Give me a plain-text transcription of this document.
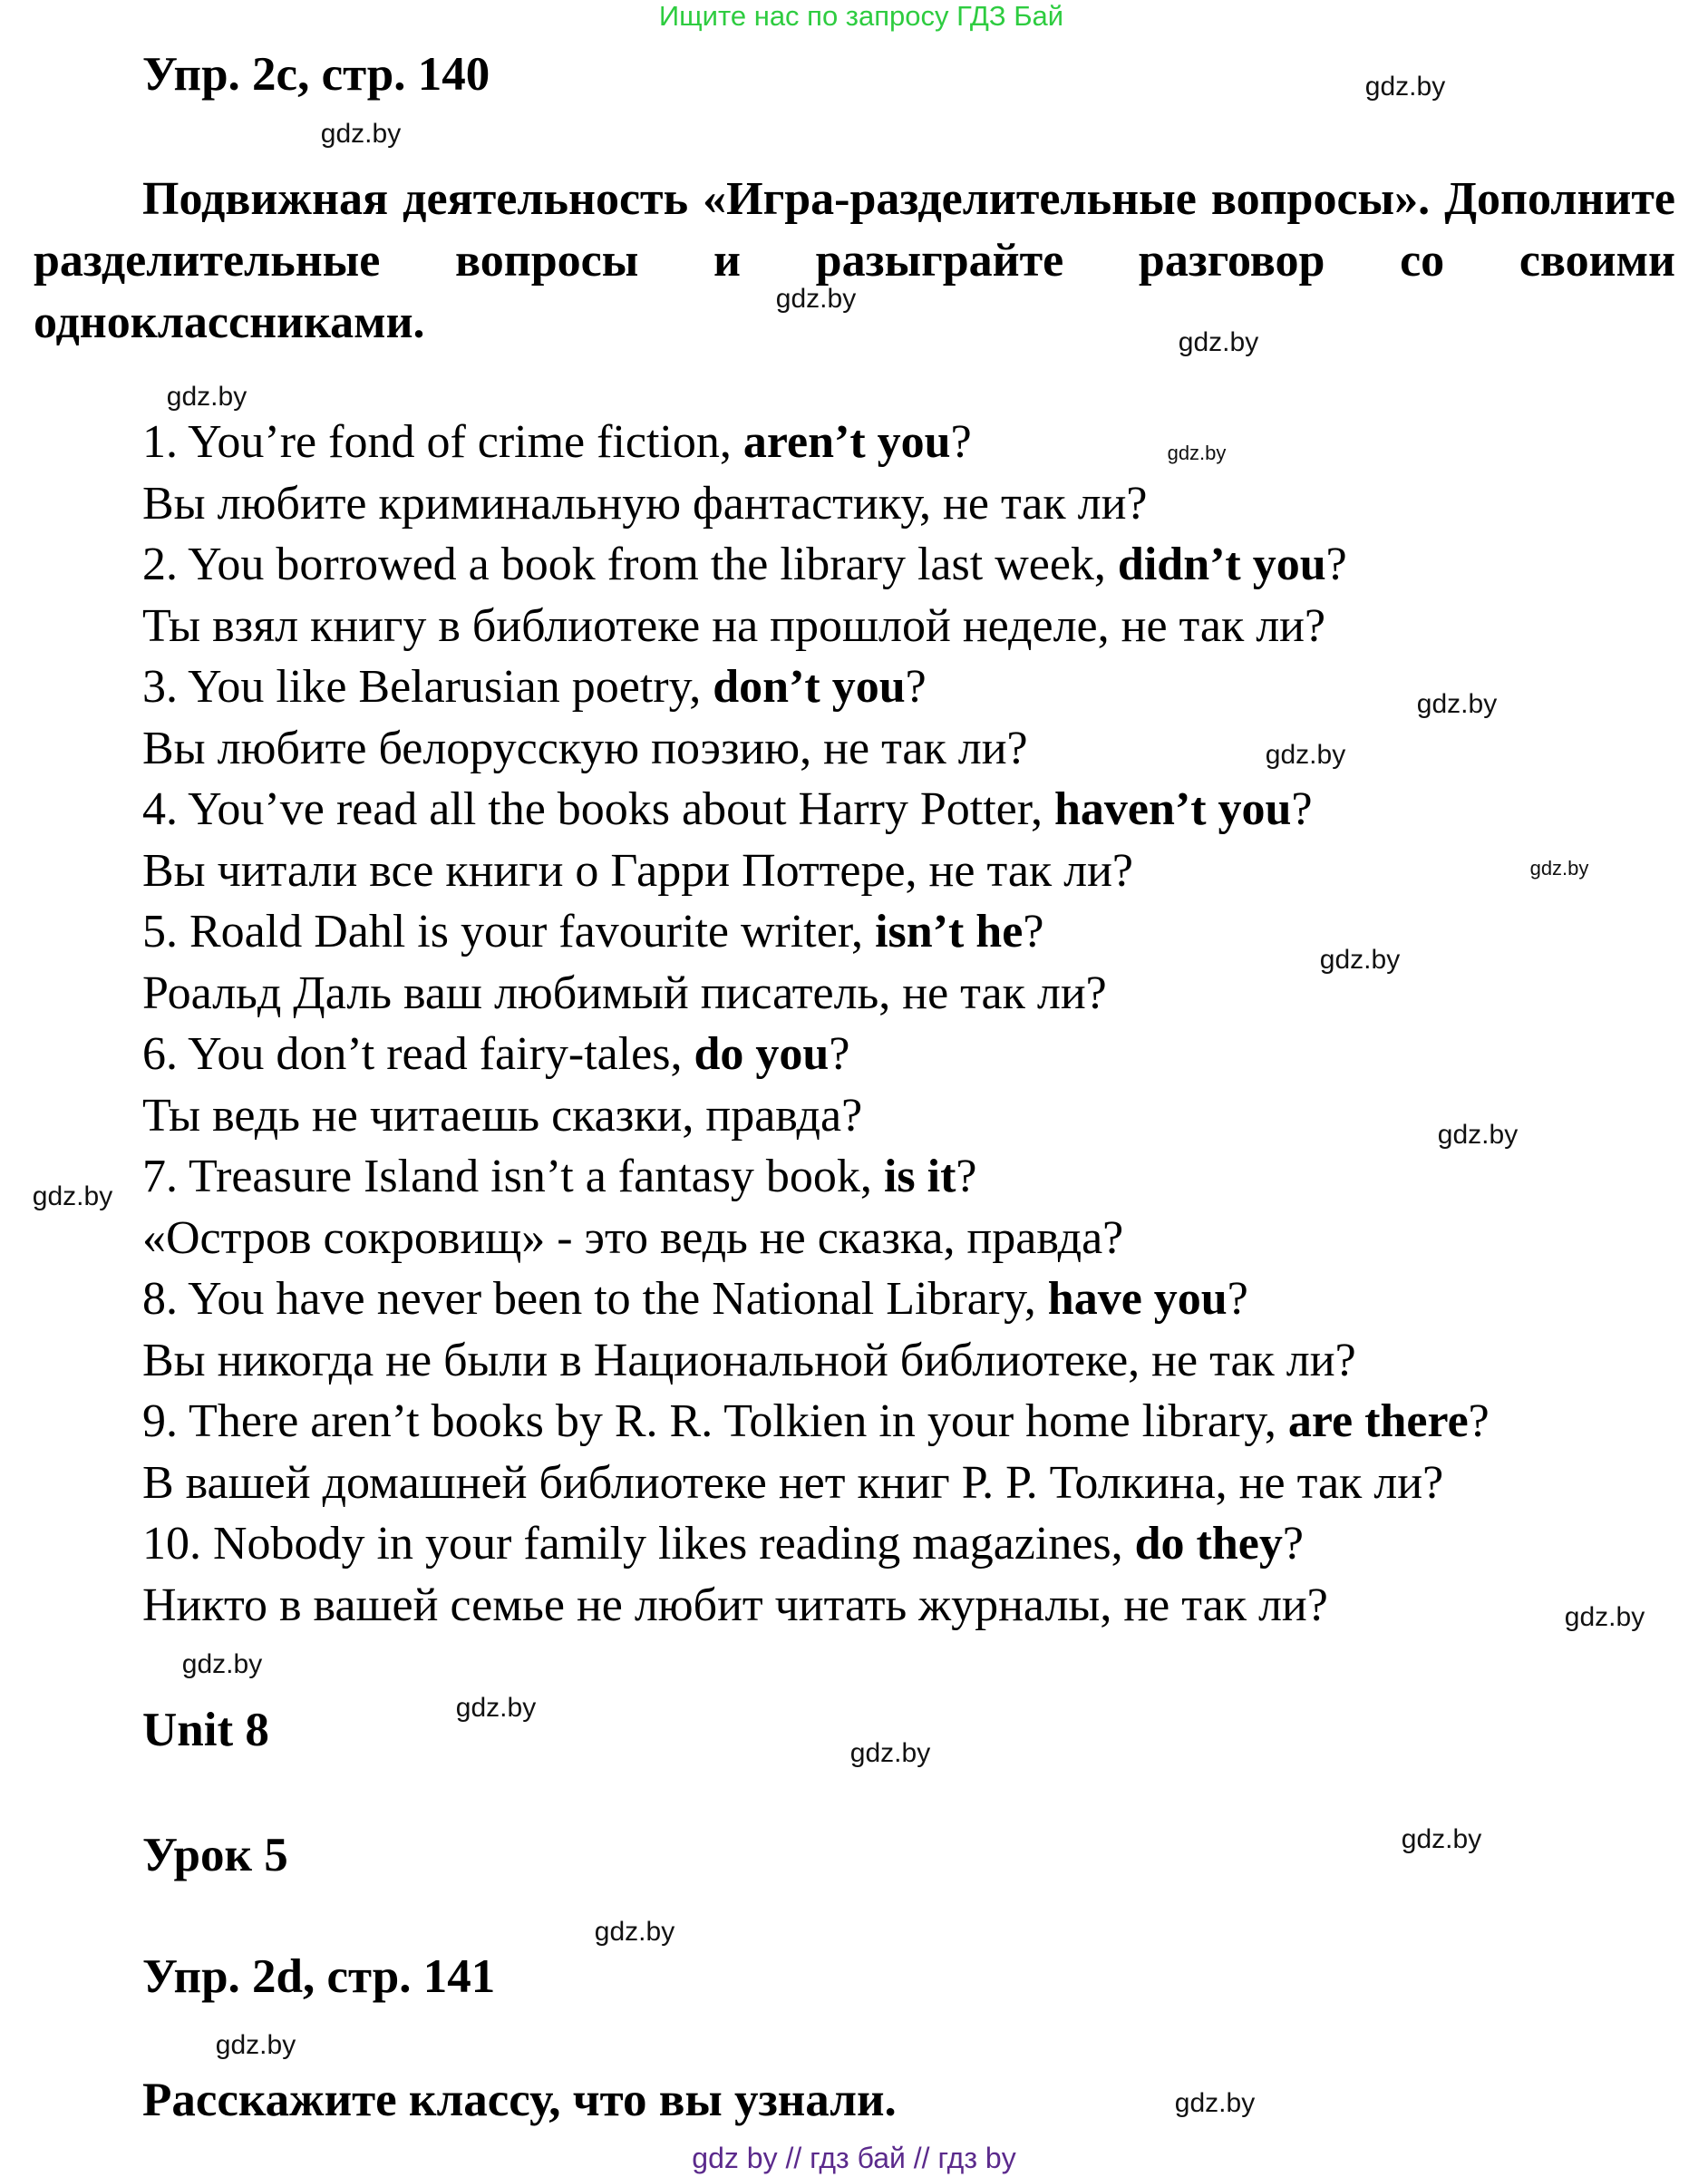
Ищите нас по запросу ГДЗ Бай
Упр. 2c, стр. 140
Подвижная деятельность «Игра-разделительные вопросы». Дополните разделительные вопросы и разыграйте разговор со своими одноклассниками.
1. You’re fond of crime fiction, aren’t you?
Вы любите криминальную фантастику, не так ли?
2. You borrowed a book from the library last week, didn’t you?
Ты взял книгу в библиотеке на прошлой неделе, не так ли?
3. You like Belarusian poetry, don’t you?
Вы любите белорусскую поэзию, не так ли?
4. You’ve read all the books about Harry Potter, haven’t you?
Вы читали все книги о Гарри Поттере, не так ли?
5. Roald Dahl is your favourite writer, isn’t he?
Роальд Даль ваш любимый писатель, не так ли?
6. You don’t read fairy-tales, do you?
Ты ведь не читаешь сказки, правда?
7. Treasure Island isn’t a fantasy book, is it?
«Остров сокровищ» - это ведь не сказка, правда?
8. You have never been to the National Library, have you?
Вы никогда не были в Национальной библиотеке, не так ли?
9. There aren’t books by R. R. Tolkien in your home library, are there?
В вашей домашней библиотеке нет книг Р. Р. Толкина, не так ли?
10. Nobody in your family likes reading magazines, do they?
Никто в вашей семье не любит читать журналы, не так ли?
Unit 8
Урок 5
Упр. 2d, стр. 141
Расскажите классу, что вы узнали.
gdz.by
gdz.by
gdz.by
gdz.by
gdz.by
gdz.by
gdz.by
gdz.by
gdz.by
gdz.by
gdz.by
gdz.by
gdz.by
gdz.by
gdz.by
gdz.by
gdz.by
gdz.by
gdz.by
gdz.by
gdz by // гдз бай // гдз by
